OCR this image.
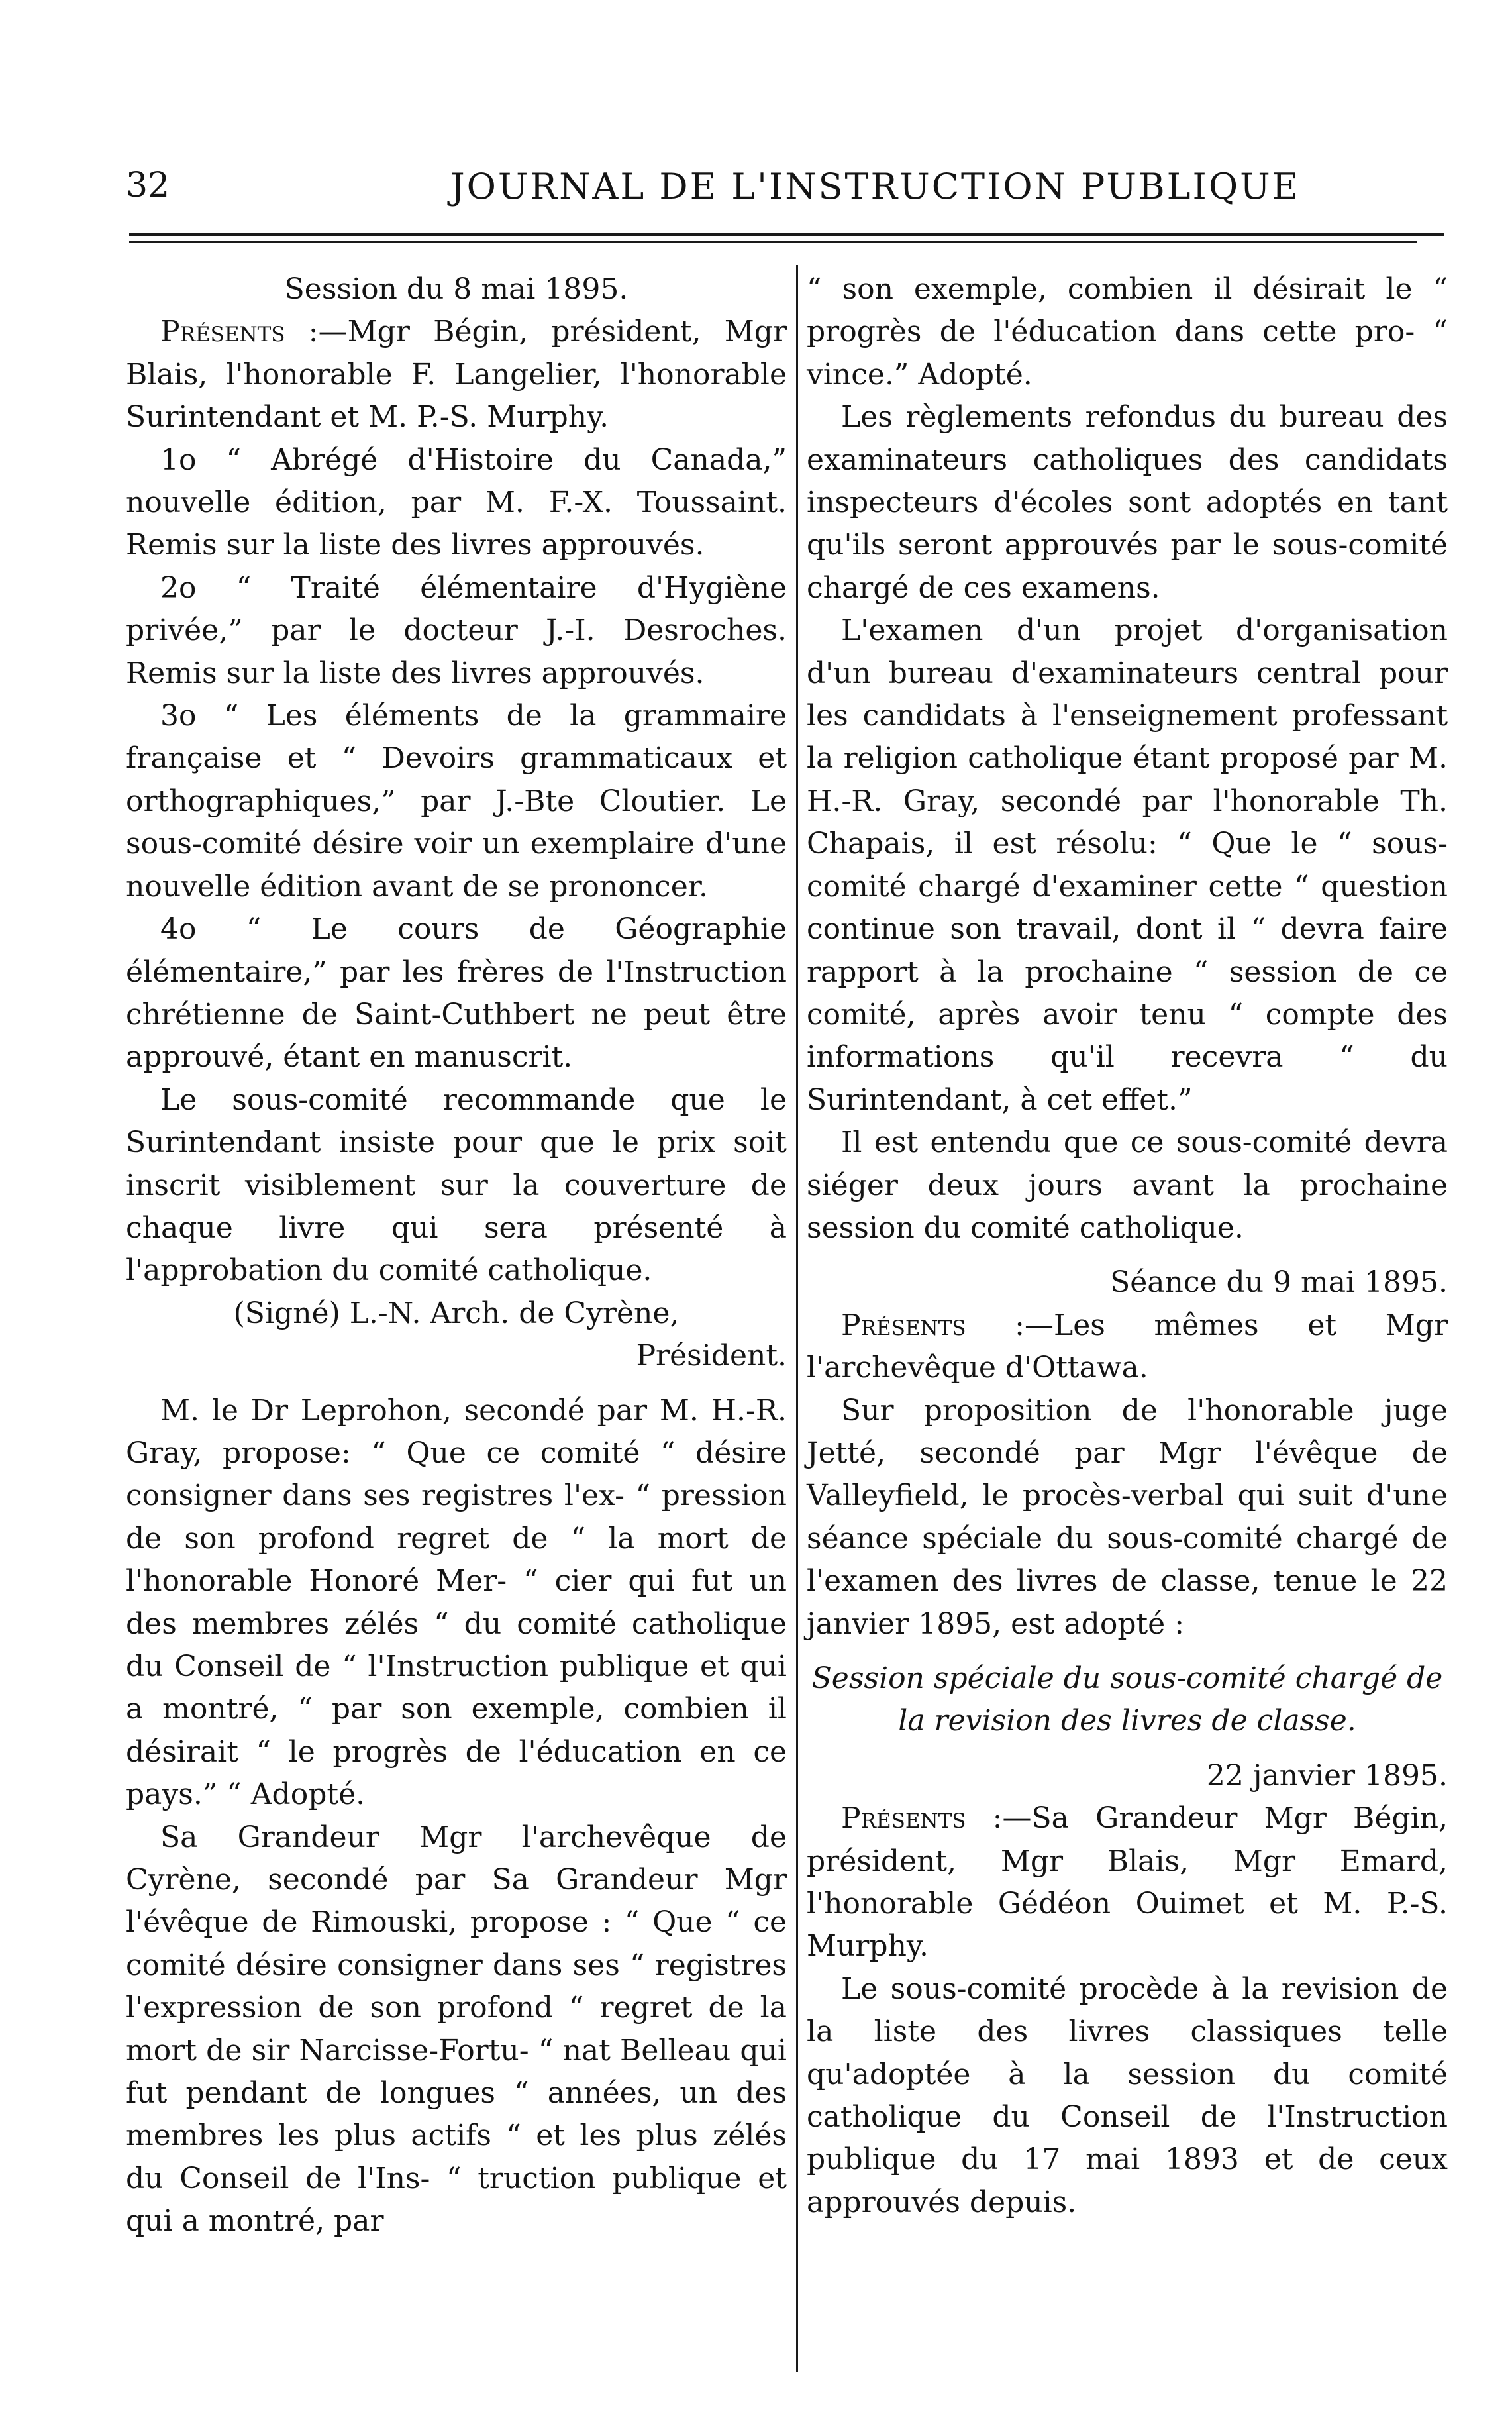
32	JOURNAL DE L'INSTRUCTION PUBLIQUE

Session du 8 mai 1895.

Présents :—Mgr Bégin, président, Mgr Blais, l'honorable F. Langelier, l'honorable Surintendant et M. P.-S. Murphy.

1o “ Abrégé d'Histoire du Canada,” nouvelle édition, par M. F.-X. Toussaint. Remis sur la liste des livres approuvés.

2o “ Traité élémentaire d'Hygiène privée,” par le docteur J.-I. Desroches. Remis sur la liste des livres approuvés.

3o “ Les éléments de la grammaire française et “ Devoirs grammaticaux et orthographiques,” par J.-Bte Cloutier. Le sous-comité désire voir un exemplaire d'une nouvelle édition avant de se prononcer.

4o “ Le cours de Géographie élémentaire,” par les frères de l'Instruction chrétienne de Saint-Cuthbert ne peut être approuvé, étant en manuscrit.

Le sous-comité recommande que le Surintendant insiste pour que le prix soit inscrit visiblement sur la couverture de chaque livre qui sera présenté à l'approbation du comité catholique.

(Signé) L.-N. Arch. de Cyrène,

Président.

M. le Dr Leprohon, secondé par M. H.-R. Gray, propose: “ Que ce comité “ désire consigner dans ses registres l'ex- “ pression de son profond regret de “ la mort de l'honorable Honoré Mer- “ cier qui fut un des membres zélés “ du comité catholique du Conseil de “ l'Instruction publique et qui a montré, “ par son exemple, combien il désirait “ le progrès de l'éducation en ce pays.” “ Adopté.

Sa Grandeur Mgr l'archevêque de Cyrène, secondé par Sa Grandeur Mgr l'évêque de Rimouski, propose : “ Que “ ce comité désire consigner dans ses “ registres l'expression de son profond “ regret de la mort de sir Narcisse-Fortu- “ nat Belleau qui fut pendant de longues “ années, un des membres les plus actifs “ et les plus zélés du Conseil de l'Ins- “ truction publique et qui a montré, par

“ son exemple, combien il désirait le “ progrès de l'éducation dans cette pro- “ vince.” Adopté.

Les règlements refondus du bureau des examinateurs catholiques des candidats inspecteurs d'écoles sont adoptés en tant qu'ils seront approuvés par le sous-comité chargé de ces examens.

L'examen d'un projet d'organisation d'un bureau d'examinateurs central pour les candidats à l'enseignement professant la religion catholique étant proposé par M. H.-R. Gray, secondé par l'honorable Th. Chapais, il est résolu: “ Que le “ sous-comité chargé d'examiner cette “ question continue son travail, dont il “ devra faire rapport à la prochaine “ session de ce comité, après avoir tenu “ compte des informations qu'il recevra “ du Surintendant, à cet effet.”

Il est entendu que ce sous-comité devra siéger deux jours avant la prochaine session du comité catholique.

Séance du 9 mai 1895.

Présents :—Les mêmes et Mgr l'archevêque d'Ottawa.

Sur proposition de l'honorable juge Jetté, secondé par Mgr l'évêque de Valleyfield, le procès-verbal qui suit d'une séance spéciale du sous-comité chargé de l'examen des livres de classe, tenue le 22 janvier 1895, est adopté :

Session spéciale du sous-comité chargé de

la revision des livres de classe.

22 janvier 1895.

Présents :—Sa Grandeur Mgr Bégin, président, Mgr Blais, Mgr Emard, l'honorable Gédéon Ouimet et M. P.-S. Murphy.

Le sous-comité procède à la revision de la liste des livres classiques telle qu'adoptée à la session du comité catholique du Conseil de l'Instruction publique du 17 mai 1893 et de ceux approuvés depuis.
